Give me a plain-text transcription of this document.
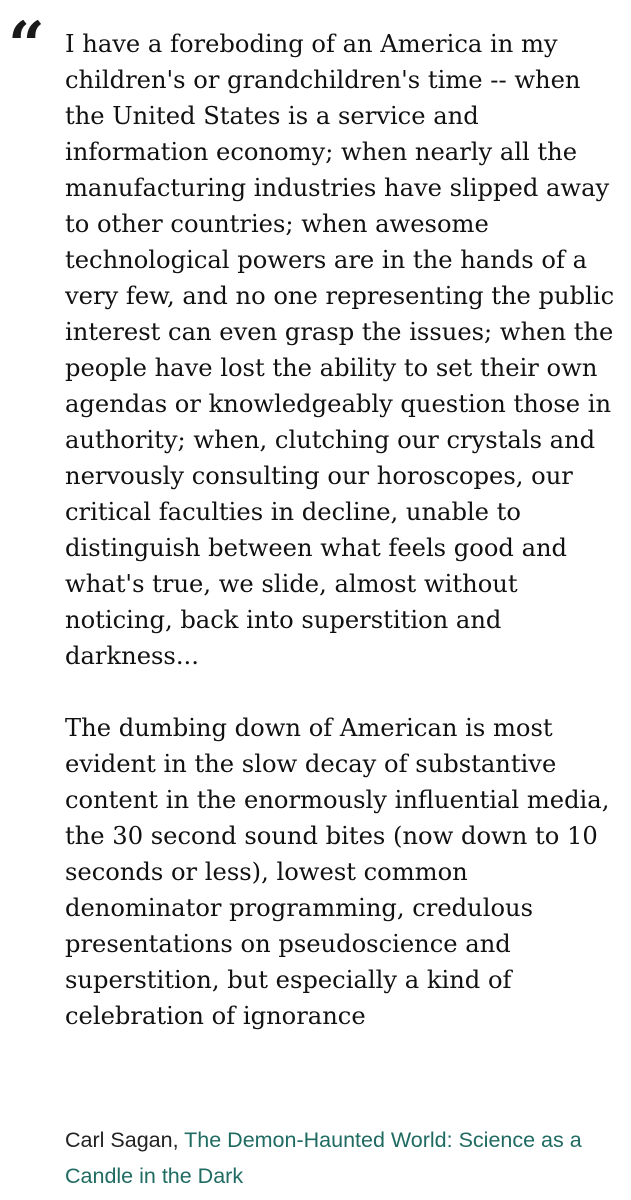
“ I have a foreboding of an America in my children's or grandchildren's time -- when the United States is a service and information economy; when nearly all the manufacturing industries have slipped away to other countries; when awesome technological powers are in the hands of a very few, and no one representing the public interest can even grasp the issues; when the people have lost the ability to set their own agendas or knowledgeably question those in authority; when, clutching our crystals and nervously consulting our horoscopes, our critical faculties in decline, unable to distinguish between what feels good and what's true, we slide, almost without noticing, back into superstition and darkness...

The dumbing down of American is most evident in the slow decay of substantive content in the enormously influential media, the 30 second sound bites (now down to 10 seconds or less), lowest common denominator programming, credulous presentations on pseudoscience and superstition, but especially a kind of celebration of ignorance

Carl Sagan, The Demon-Haunted World: Science as a Candle in the Dark
